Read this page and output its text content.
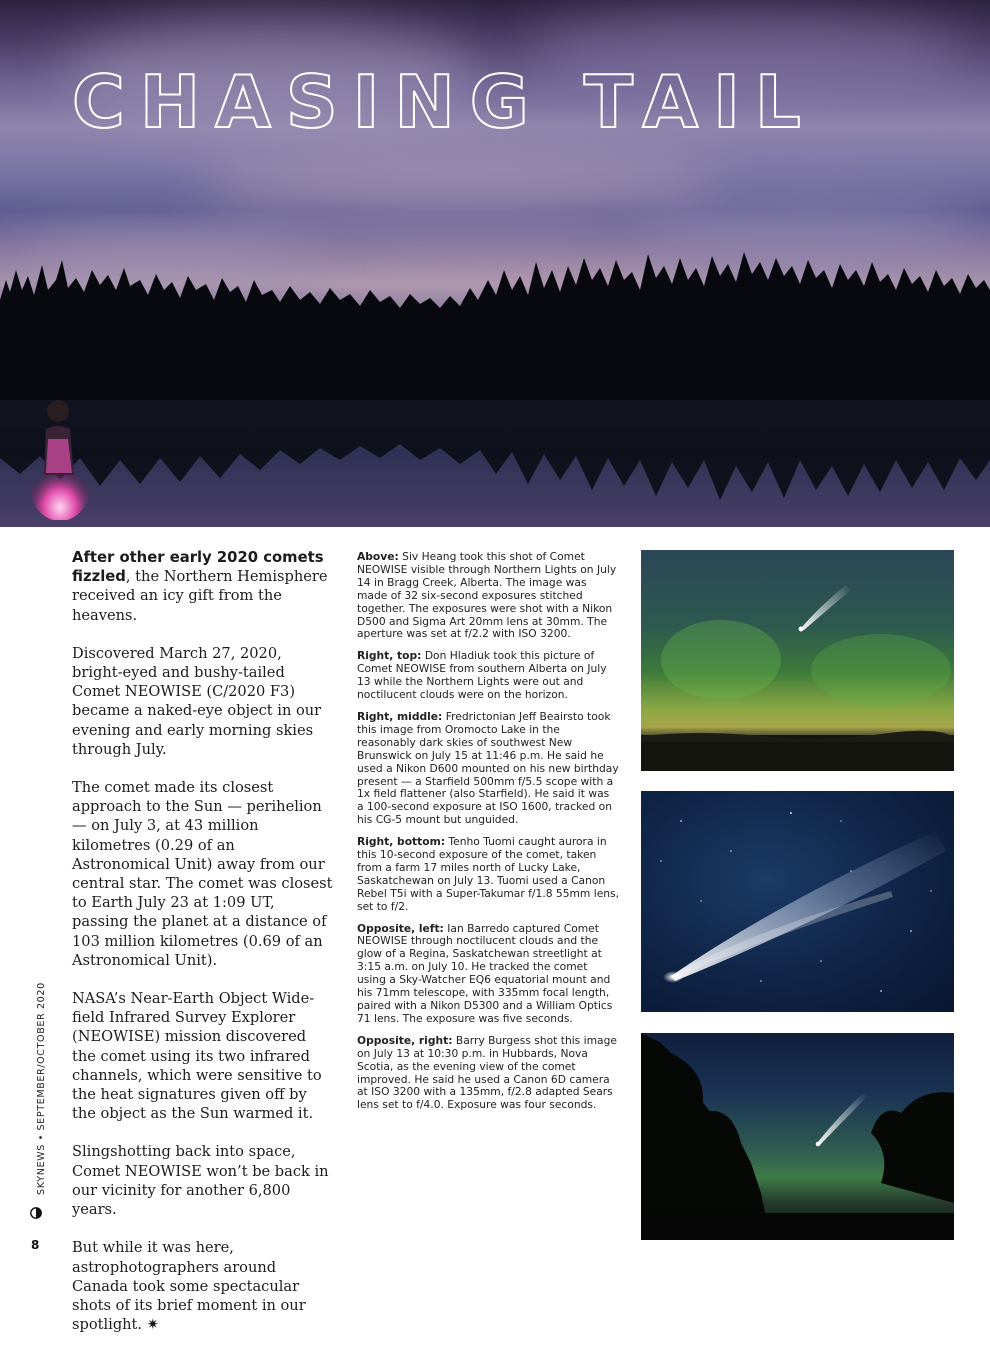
CHASING TAIL

After other early 2020 comets fizzled, the Northern Hemisphere received an icy gift from the heavens.

Discovered March 27, 2020, bright-eyed and bushy-tailed Comet NEOWISE (C/2020 F3) became a naked-eye object in our evening and early morning skies through July.

The comet made its closest approach to the Sun — perihelion — on July 3, at 43 million kilometres (0.29 of an Astronomical Unit) away from our central star. The comet was closest to Earth July 23 at 1:09 UT, passing the planet at a distance of 103 million kilometres (0.69 of an Astronomical Unit).

NASA’s Near-Earth Object Wide-field Infrared Survey Explorer (NEOWISE) mission discovered the comet using its two infrared channels, which were sensitive to the heat signatures given off by the object as the Sun warmed it.

Slingshotting back into space, Comet NEOWISE won’t be back in our vicinity for another 6,800 years.

But while it was here, astrophotographers around Canada took some spectacular shots of its brief moment in our spotlight. ✷

Above: Siv Heang took this shot of Comet NEOWISE visible through Northern Lights on July 14 in Bragg Creek, Alberta. The image was made of 32 six-second exposures stitched together. The exposures were shot with a Nikon D500 and Sigma Art 20mm lens at 30mm. The aperture was set at f/2.2 with ISO 3200.

Right, top: Don Hladiuk took this picture of Comet NEOWISE from southern Alberta on July 13 while the Northern Lights were out and noctilucent clouds were on the horizon.

Right, middle: Fredrictonian Jeff Beairsto took this image from Oromocto Lake in the reasonably dark skies of southwest New Brunswick on July 15 at 11:46 p.m. He said he used a Nikon D600 mounted on his new birthday present — a Starfield 500mm f/5.5 scope with a 1x field flattener (also Starfield). He said it was a 100-second exposure at ISO 1600, tracked on his CG-5 mount but unguided.

Right, bottom: Tenho Tuomi caught aurora in this 10-second exposure of the comet, taken from a farm 17 miles north of Lucky Lake, Saskatchewan on July 13. Tuomi used a Canon Rebel T5i with a Super-Takumar f/1.8 55mm lens, set to f/2.

Opposite, left: Ian Barredo captured Comet NEOWISE through noctilucent clouds and the glow of a Regina, Saskatchewan streetlight at 3:15 a.m. on July 10. He tracked the comet using a Sky-Watcher EQ6 equatorial mount and his 71mm telescope, with 335mm focal length, paired with a Nikon D5300 and a William Optics 71 lens. The exposure was five seconds.

Opposite, right: Barry Burgess shot this image on July 13 at 10:30 p.m. in Hubbards, Nova Scotia, as the evening view of the comet improved. He said he used a Canon 6D camera at ISO 3200 with a 135mm, f/2.8 adapted Sears lens set to f/4.0. Exposure was four seconds.

SKYNEWS • SEPTEMBER/OCTOBER 2020
8
